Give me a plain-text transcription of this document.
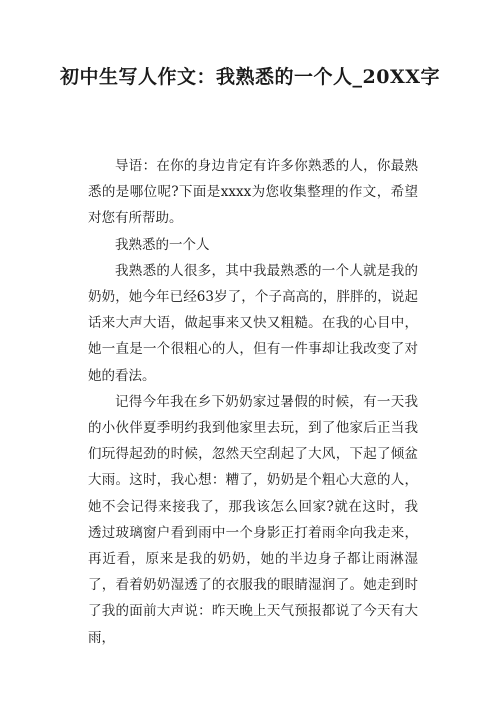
初中生写人作文：我熟悉的一个人_20XX字

导语：在你的身边肯定有许多你熟悉的人，你最熟悉的是哪位呢?下面是xxxx为您收集整理的作文，希望对您有所帮助。

我熟悉的一个人

我熟悉的人很多，其中我最熟悉的一个人就是我的奶奶，她今年已经63岁了，个子高高的，胖胖的，说起话来大声大语，做起事来又快又粗糙。在我的心目中，她一直是一个很粗心的人，但有一件事却让我改变了对她的看法。

记得今年我在乡下奶奶家过暑假的时候，有一天我的小伙伴夏季明约我到他家里去玩，到了他家后正当我们玩得起劲的时候，忽然天空刮起了大风，下起了倾盆大雨。这时，我心想：糟了，奶奶是个粗心大意的人，她不会记得来接我了，那我该怎么回家?就在这时，我透过玻璃窗户看到雨中一个身影正打着雨伞向我走来，再近看，原来是我的奶奶，她的半边身子都让雨淋湿了，看着奶奶湿透了的衣服我的眼睛湿润了。她走到时了我的面前大声说：昨天晚上天气预报都说了今天有大雨，
